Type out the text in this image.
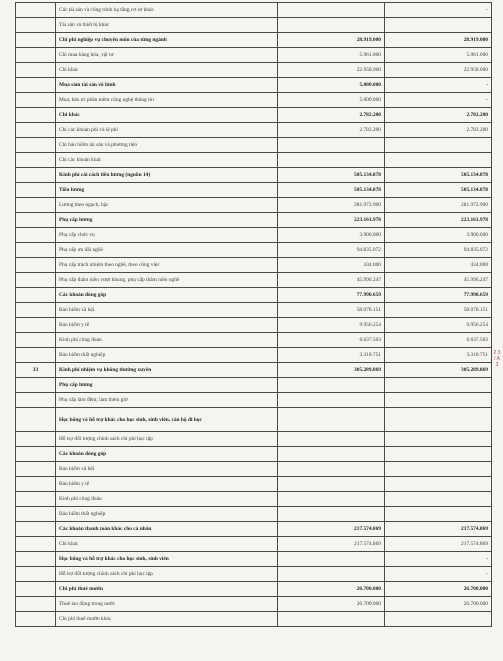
	Các tài sản và công trình hạ tầng cơ sở khác		-
	Tài sản và thiết bị khác		
	Chi phí nghiệp vụ chuyên môn của từng ngành	28.919.000	28.919.000
	Chi mua hàng hóa, vật tư	5.961.000	5.961.000
	Chi khác	22.958.000	22.958.000
	Mua sắm tài sản vô hình	5.000.000	-
	Mua, bảo trì phần mềm công nghệ thông tin	5.000.000	-
	Chi khác	2.782.200	2.782.200
	Chi các khoản phí và lệ phí	2.782.200	2.782.200
	Chi bảo hiểm tài sản và phương tiện		
	Chi các khoản khác		
	Kinh phí cải cách tiền lương (nguồn 14)	505.134.878	505.134.878
	Tiền lương	505.134.878	505.134.878
	Lương theo ngạch, bậc	281.972.900	281.972.900
	Phụ cấp lương	223.161.978	223.161.978
	Phụ cấp chức vụ	3.906.000	3.906.000
	Phụ cấp ưu đãi nghề	94.835.072	94.835.072
	Phụ cấp trách nhiệm theo nghề, theo công việc	434.000	434.000
	Phụ cấp thâm niên vượt khung, phụ cấp thâm niên nghề	45.996.247	45.996.247
	Các khoản đóng góp	77.990.659	77.990.659
	Bảo hiểm xã hội	58.078.151	58.078.151
	Bảo hiểm y tế	9.956.254	9.956.254
	Kinh phí công đoàn	6.637.503	6.637.503
	Bảo hiểm thất nghiệp	3.318.751	3.318.751
33	Kinh phí nhiệm vụ không thường xuyên	305.289.869	305.289.869
	Phụ cấp lương		
	Phụ cấp làm đêm; làm thêm giờ		
	Học bổng và hỗ trợ khác cho học sinh, sinh viên, cán bộ đi học		
	Hỗ trợ đối tượng chính sách chi phí học tập		
	Các khoản đóng góp		
	Bảo hiểm xã hội		
	Bảo hiểm y tế		
	Kinh phí công đoàn		
	Bảo hiểm thất nghiệp		
	Các khoản thanh toán khác cho cá nhân	217.574.869	217.574.869
	Chi khác	217.574.869	217.574.869
	Học bổng và hỗ trợ khác cho học sinh, sinh viên		-
	Hỗ trợ đối tượng chính sách chi phí học tập		-
	Chi phí thuê mướn	26.700.000	26.700.000
	Thuê lao động trong nước	26.700.000	26.700.000
	Chi phí thuê mướn khác		
2 3 / A 3
